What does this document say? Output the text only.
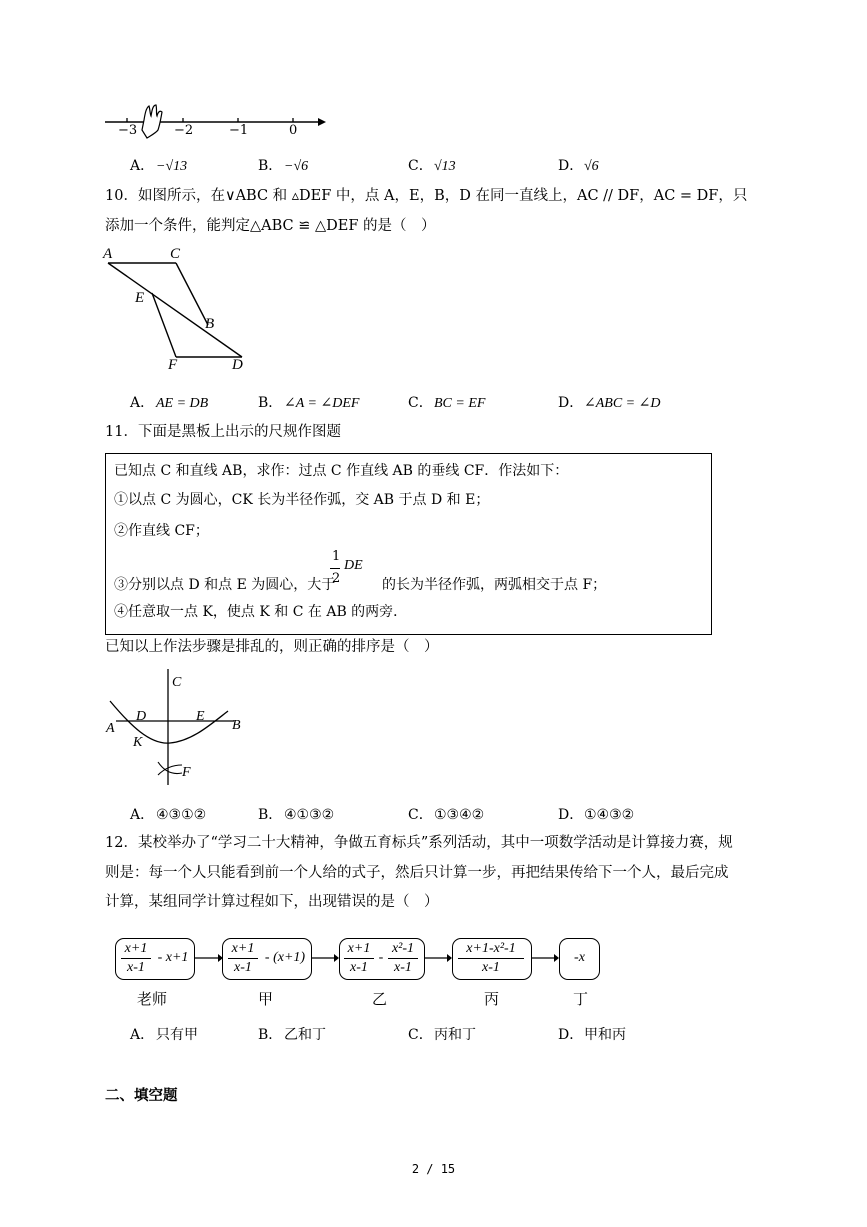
−3	−2	−1	0
A． −√13	B． −√6	C．√13	D．√6
10．如图所示，在∨ABC 和 ▵DEF 中，点 A，E，B，D 在同一直线上，AC // DF，AC = DF，只
添加一个条件，能判定△ABC ≌ △DEF 的是（　）
A	C
E
B
F	D
A． AE = DB	B． ∠A = ∠DEF	C．BC = EF	D．∠ABC = ∠D
11．下面是黑板上出示的尺规作图题
已知点 C 和直线 AB，求作：过点 C 作直线 AB 的垂线 CF．作法如下：
①以点 C 为圆心，CK 长为半径作弧，交 AB 于点 D 和 E；
②作直线 CF；
③分别以点 D 和点 E 为圆心，大于
1
2
DE
的长为半径作弧，两弧相交于点 F；
④任意取一点 K，使点 K 和 C 在 AB 的两旁．
已知以上作法步骤是排乱的，则正确的排序是（　）
C
D	E
A	B
K
F
A． ④③①②	B． ④①③②	C．①③④②	D．①④③②
12．某校举办了“学习二十大精神，争做五育标兵”系列活动，其中一项数学活动是计算接力赛，规
则是：每一个人只能看到前一个人给的式子，然后只计算一步，再把结果传给下一个人，最后完成
计算，某组同学计算过程如下，出现错误的是（　）
x+1
x-1
- x+1
x+1
x-1
- (x+1)
x+1
x-1
-
x²-1
x-1
x+1-x²-1
x-1
-x
老师	甲	乙	丙	丁
A． 只有甲	B． 乙和丁	C．丙和丁	D．甲和丙
二、填空题
2 / 15
